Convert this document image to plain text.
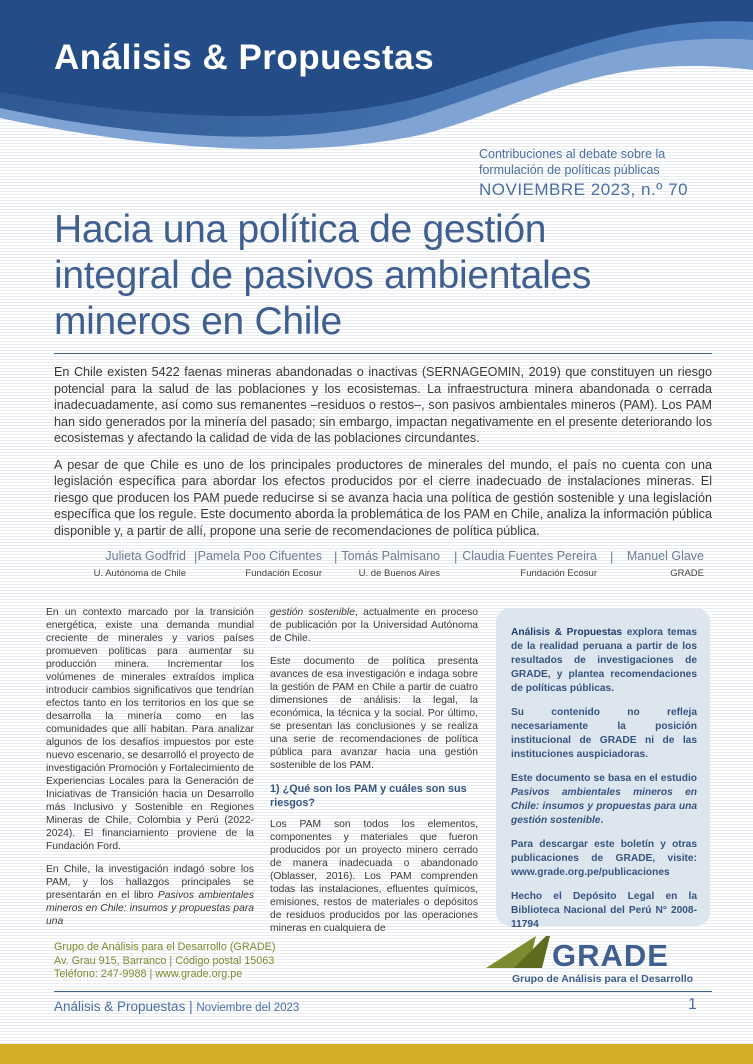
Análisis & Propuestas
Contribuciones al debate sobre la
formulación de políticas públicas
NOVIEMBRE 2023, n.º 70
Hacia una política de gestión
integral de pasivos ambientales
mineros en Chile

En Chile existen 5422 faenas mineras abandonadas o inactivas (SERNAGEOMIN, 2019) que constituyen un riesgo potencial para la salud de las poblaciones y los ecosistemas. La infraestructura minera abandonada o cerrada inadecuadamente, así como sus remanentes –residuos o restos–, son pasivos ambientales mineros (PAM). Los PAM han sido generados por la minería del pasado; sin embargo, impactan negativamente en el presente deteriorando los ecosistemas y afectando la calidad de vida de las poblaciones circundantes.

A pesar de que Chile es uno de los principales productores de minerales del mundo, el país no cuenta con una legislación específica para abordar los efectos producidos por el cierre inadecuado de instalaciones mineras. El riesgo que producen los PAM puede reducirse si se avanza hacia una política de gestión sostenible y una legislación específica que los regule. Este documento aborda la problemática de los PAM en Chile, analiza la información pública disponible y, a partir de allí, propone una serie de recomendaciones de política pública.

Julieta Godfrid
U. Autónoma de Chile
| Pamela Poo Cifuentes
Fundación Ecosur
| Tomás Palmisano
U. de Buenos Aires
| Claudia Fuentes Pereira
Fundación Ecosur
| Manuel Glave
GRADE

En un contexto marcado por la transición energética, existe una demanda mundial creciente de minerales y varios países promueven políticas para aumentar su producción minera. Incrementar los volúmenes de minerales extraídos implica introducir cambios significativos que tendrían efectos tanto en los territorios en los que se desarrolla la minería como en las comunidades que allí habitan. Para analizar algunos de los desafíos impuestos por este nuevo escenario, se desarrolló el proyecto de investigación Promoción y Fortalecimiento de Experiencias Locales para la Generación de Iniciativas de Transición hacia un Desarrollo más Inclusivo y Sostenible en Regiones Mineras de Chile, Colombia y Perú (2022-2024). El financiamiento proviene de la Fundación Ford.

En Chile, la investigación indagó sobre los PAM, y los hallazgos principales se presentarán en el libro Pasivos ambientales mineros en Chile: insumos y propuestas para una

gestión sostenible, actualmente en proceso de publicación por la Universidad Autónoma de Chile.

Este documento de política presenta avances de esa investigación e indaga sobre la gestión de PAM en Chile a partir de cuatro dimensiones de análisis: la legal, la económica, la técnica y la social. Por último, se presentan las conclusiones y se realiza una serie de recomendaciones de política pública para avanzar hacia una gestión sostenible de los PAM.

1) ¿Qué son los PAM y cuáles son sus riesgos?

Los PAM son todos los elementos, componentes y materiales que fueron producidos por un proyecto minero cerrado de manera inadecuada o abandonado (Oblasser, 2016). Los PAM comprenden todas las instalaciones, efluentes químicos, emisiones, restos de materiales o depósitos de residuos producidos por las operaciones mineras en cualquiera de

Análisis & Propuestas explora temas de la realidad peruana a partir de los resultados de investigaciones de GRADE, y plantea recomendaciones de políticas públicas.

Su contenido no refleja necesariamente la posición institucional de GRADE ni de las instituciones auspiciadoras.

Este documento se basa en el estudio Pasivos ambientales mineros en Chile: insumos y propuestas para una gestión sostenible.

Para descargar este boletín y otras publicaciones de GRADE, visite: www.grade.org.pe/publicaciones

Hecho el Depósito Legal en la Biblioteca Nacional del Perú N° 2008-11794

Grupo de Análisis para el Desarrollo (GRADE)
Av. Grau 915, Barranco | Código postal 15063
Teléfono: 247-9988 | www.grade.org.pe
GRADE
Grupo de Análisis para el Desarrollo
Análisis & Propuestas | Noviembre del 2023	1
